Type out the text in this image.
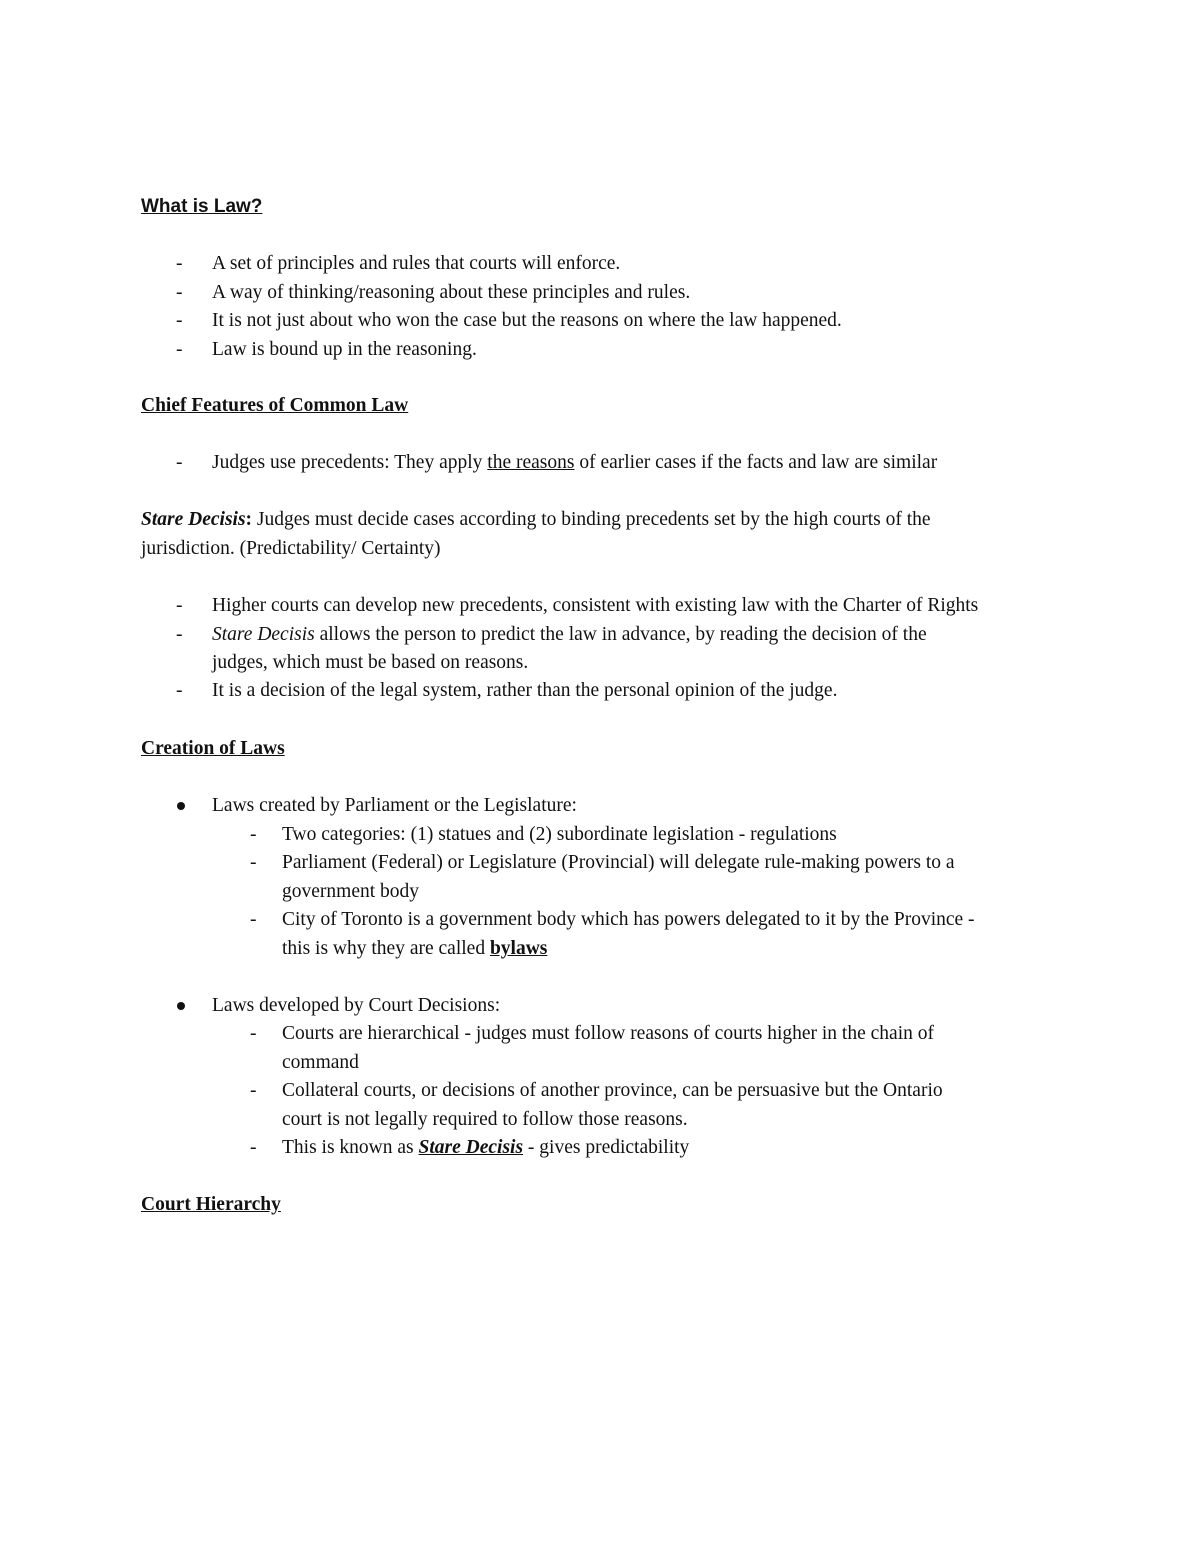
What is Law?
- A set of principles and rules that courts will enforce.
- A way of thinking/reasoning about these principles and rules.
- It is not just about who won the case but the reasons on where the law happened.
- Law is bound up in the reasoning.
Chief Features of Common Law
- Judges use precedents: They apply the reasons of earlier cases if the facts and law are similar
Stare Decisis: Judges must decide cases according to binding precedents set by the high courts of the
jurisdiction. (Predictability/ Certainty)
- Higher courts can develop new precedents, consistent with existing law with the Charter of Rights
- Stare Decisis allows the person to predict the law in advance, by reading the decision of the
judges, which must be based on reasons.
- It is a decision of the legal system, rather than the personal opinion of the judge.
Creation of Laws
Laws created by Parliament or the Legislature:
- Two categories: (1) statues and (2) subordinate legislation - regulations
- Parliament (Federal) or Legislature (Provincial) will delegate rule-making powers to a
government body
- City of Toronto is a government body which has powers delegated to it by the Province -
this is why they are called bylaws
Laws developed by Court Decisions:
- Courts are hierarchical - judges must follow reasons of courts higher in the chain of
command
- Collateral courts, or decisions of another province, can be persuasive but the Ontario
court is not legally required to follow those reasons.
- This is known as Stare Decisis - gives predictability
Court Hierarchy
